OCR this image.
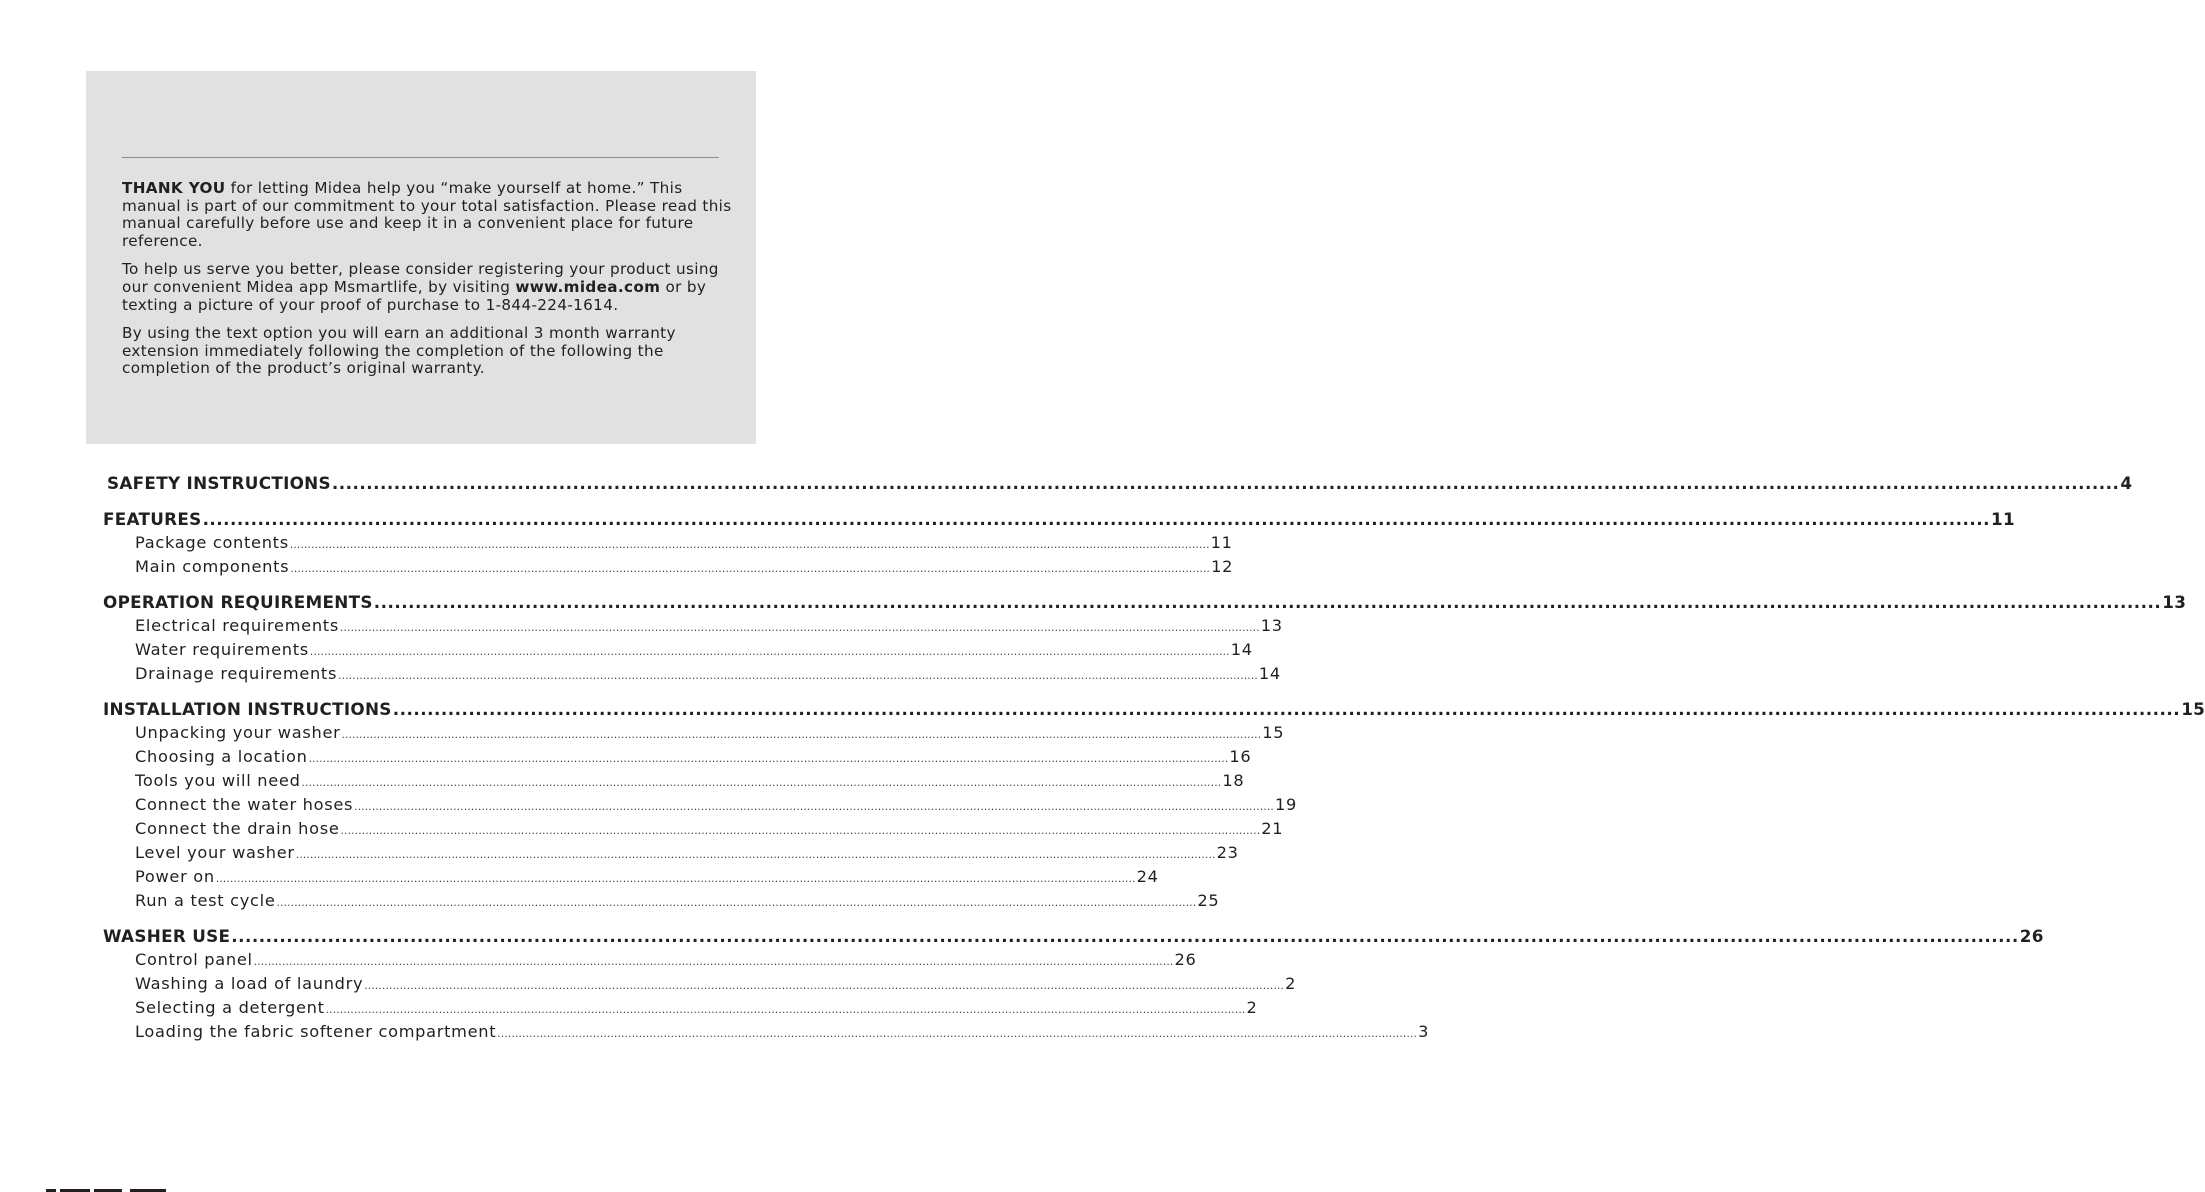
THANK YOU for letting Midea help you “make yourself at home.” This manual is part of our commitment to your total satisfaction. Please read this manual carefully before use and keep it in a convenient place for future reference.

To help us serve you better, please consider registering your product using our convenient Midea app Msmartlife, by visiting www.midea.com or by texting a picture of your proof of purchase to 1-844-224-1614.

By using the text option you will earn an additional 3 month warranty extension immediately following the completion of the following the completion of the product’s original warranty.

SAFETY INSTRUCTIONS .................................................................................................................................................................................................................................................................... 4
FEATURES .................................................................................................................................................................................................................................................................... 11
Package contents .................................................................................................................................................................................................................................................................... 11
Main components .................................................................................................................................................................................................................................................................... 12
OPERATION REQUIREMENTS .................................................................................................................................................................................................................................................................... 13
Electrical requirements .................................................................................................................................................................................................................................................................... 13
Water requirements .................................................................................................................................................................................................................................................................... 14
Drainage requirements .................................................................................................................................................................................................................................................................... 14
INSTALLATION INSTRUCTIONS .................................................................................................................................................................................................................................................................... 15
Unpacking your washer .................................................................................................................................................................................................................................................................... 15
Choosing a location .................................................................................................................................................................................................................................................................... 16
Tools you will need .................................................................................................................................................................................................................................................................... 18
Connect the water hoses .................................................................................................................................................................................................................................................................... 19
Connect the drain hose .................................................................................................................................................................................................................................................................... 21
Level your washer .................................................................................................................................................................................................................................................................... 23
Power on .................................................................................................................................................................................................................................................................... 24
Run a test cycle .................................................................................................................................................................................................................................................................... 25
WASHER USE .................................................................................................................................................................................................................................................................... 26
Control panel .................................................................................................................................................................................................................................................................... 26
Washing a load of laundry .................................................................................................................................................................................................................................................................... 2
Selecting a detergent .................................................................................................................................................................................................................................................................... 2
Loading the fabric softener compartment .................................................................................................................................................................................................................................................................... 3
